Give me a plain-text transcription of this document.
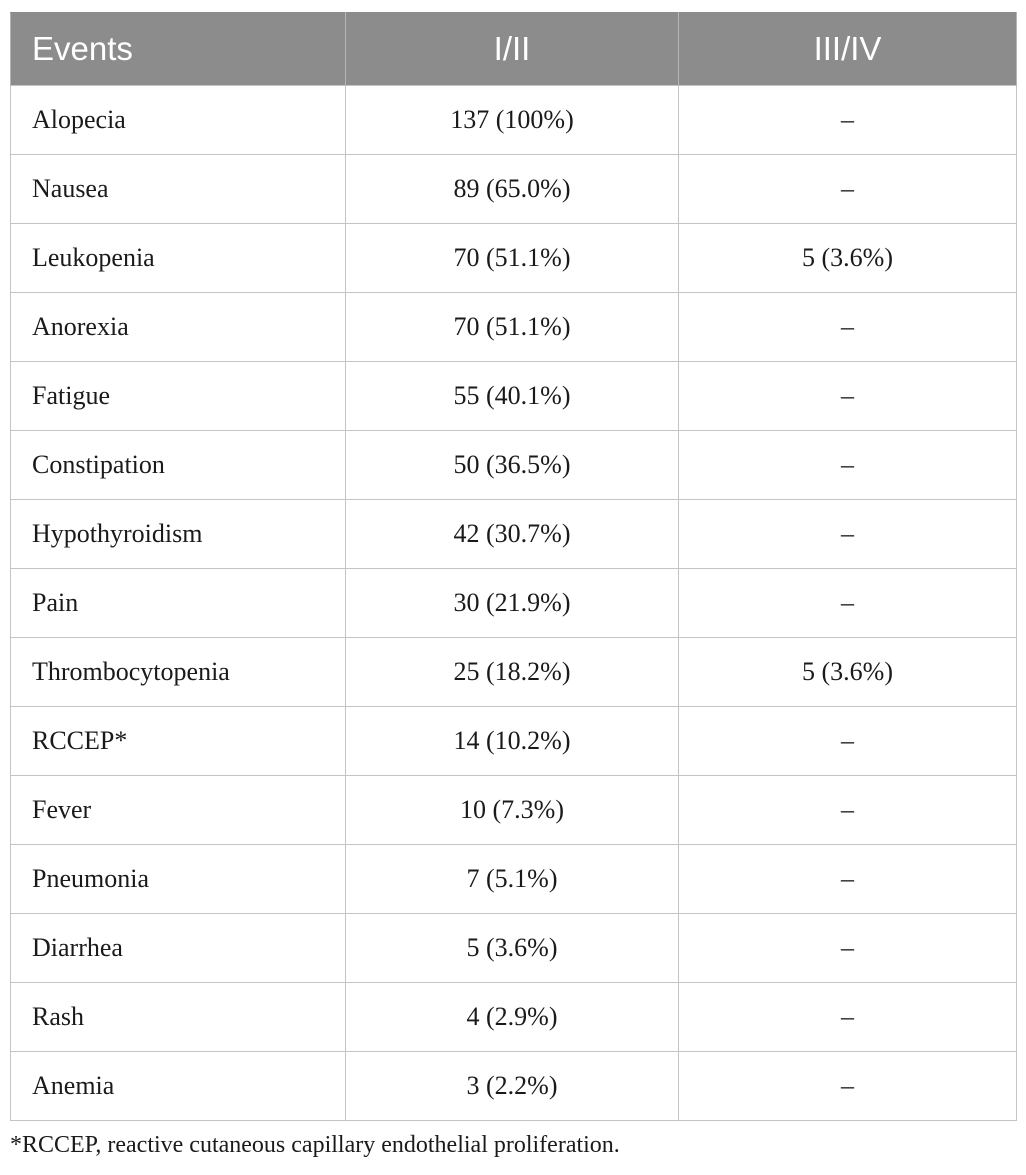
Events	I/II	III/IV
Alopecia	137 (100%)	–
Nausea	89 (65.0%)	–
Leukopenia	70 (51.1%)	5 (3.6%)
Anorexia	70 (51.1%)	–
Fatigue	55 (40.1%)	–
Constipation	50 (36.5%)	–
Hypothyroidism	42 (30.7%)	–
Pain	30 (21.9%)	–
Thrombocytopenia	25 (18.2%)	5 (3.6%)
RCCEP*	14 (10.2%)	–
Fever	10 (7.3%)	–
Pneumonia	7 (5.1%)	–
Diarrhea	5 (3.6%)	–
Rash	4 (2.9%)	–
Anemia	3 (2.2%)	–
*RCCEP, reactive cutaneous capillary endothelial proliferation.
